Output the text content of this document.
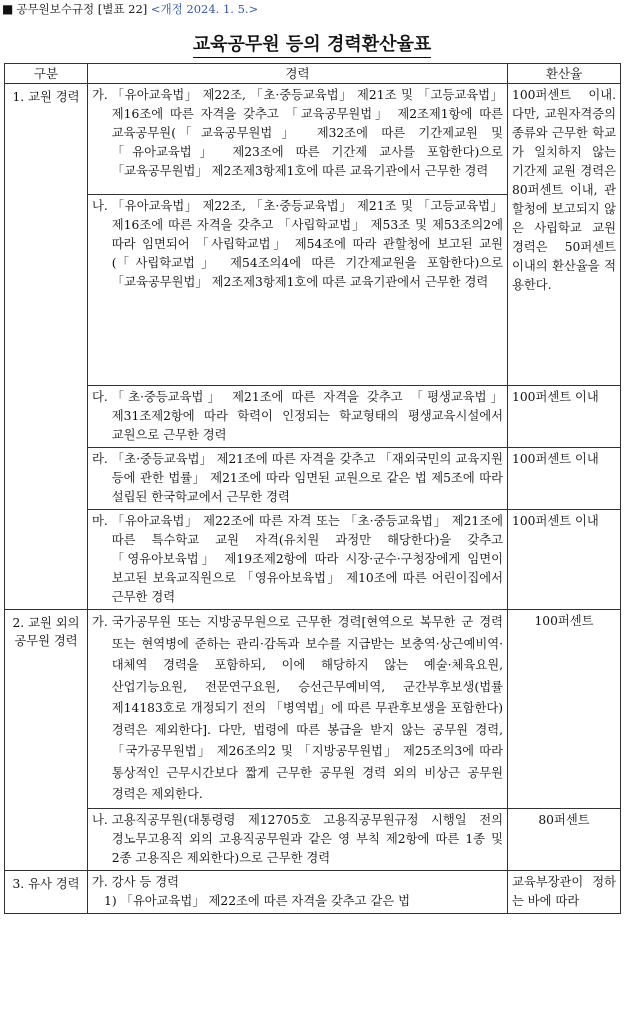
■ 공무원보수규정 [별표 22] <개정 2024. 1. 5.>
교육공무원 등의 경력환산율표
구분	경력	환산율
1. 교원 경력	가. 「유아교육법」 제22조, 「초·중등교육법」 제21조 및 「고등교육법」 제16조에 따른 자격을 갖추고 「교육공무원법」 제2조제1항에 따른 교육공무원(「교육공무원법」 제32조에 따른 기간제교원 및 「유아교육법」 제23조에 따른 기간제 교사를 포함한다)으로 「교육공무원법」 제2조제3항제1호에 따른 교육기관에서 근무한 경력	100퍼센트 이내. 다만, 교원자격증의 종류와 근무한 학교가 일치하지 않는 기간제 교원 경력은 80퍼센트 이내, 관할청에 보고되지 않은 사립학교 교원 경력은 50퍼센트 이내의 환산율을 적용한다.

	나. 「유아교육법」 제22조, 「초·중등교육법」 제21조 및 「고등교육법」 제16조에 따른 자격을 갖추고 「사립학교법」 제53조 및 제53조의2에 따라 임면되어 「사립학교법」 제54조에 따라 관할청에 보고된 교원(「사립학교법」 제54조의4에 따른 기간제교원을 포함한다)으로 「교육공무원법」 제2조제3항제1호에 따른 교육기관에서 근무한 경력	

	다. 「초·중등교육법」 제21조에 따른 자격을 갖추고 「평생교육법」 제31조제2항에 따라 학력이 인정되는 학교형태의 평생교육시설에서 교원으로 근무한 경력	100퍼센트 이내

	라. 「초·중등교육법」 제21조에 따른 자격을 갖추고 「재외국민의 교육지원 등에 관한 법률」 제21조에 따라 임면된 교원으로 같은 법 제5조에 따라 설립된 한국학교에서 근무한 경력	100퍼센트 이내

	마. 「유아교육법」 제22조에 따른 자격 또는 「초·중등교육법」 제21조에 따른 특수학교 교원 자격(유치원 과정만 해당한다)을 갖추고 「영유아보육법」 제19조제2항에 따라 시장·군수·구청장에게 임면이 보고된 보육교직원으로 「영유아보육법」 제10조에 따른 어린이집에서 근무한 경력	100퍼센트 이내
2. 교원 외의 공무원 경력	가. 국가공무원 또는 지방공무원으로 근무한 경력[현역으로 복무한 군 경력 또는 현역병에 준하는 관리·감독과 보수를 지급받는 보충역·상근예비역·대체역 경력을 포함하되, 이에 해당하지 않는 예술·체육요원, 산업기능요원, 전문연구요원, 승선근무예비역, 군간부후보생(법률 제14183호로 개정되기 전의 「병역법」에 따른 무관후보생을 포함한다) 경력은 제외한다]. 다만, 법령에 따른 봉급을 받지 않는 공무원 경력, 「국가공무원법」 제26조의2 및 「지방공무원법」 제25조의3에 따라 통상적인 근무시간보다 짧게 근무한 공무원 경력 외의 비상근 공무원 경력은 제외한다.	100퍼센트

	나. 고용직공무원(대통령령 제12705호 고용직공무원규정 시행일 전의 경노무고용직 외의 고용직공무원과 같은 영 부칙 제2항에 따른 1종 및 2종 고용직은 제외한다)으로 근무한 경력	80퍼센트
3. 유사 경력	가. 강사 등 경력
1) 「유아교육법」 제22조에 따른 자격을 갖추고 같은 법	교육부장관이 정하는 바에 따라
